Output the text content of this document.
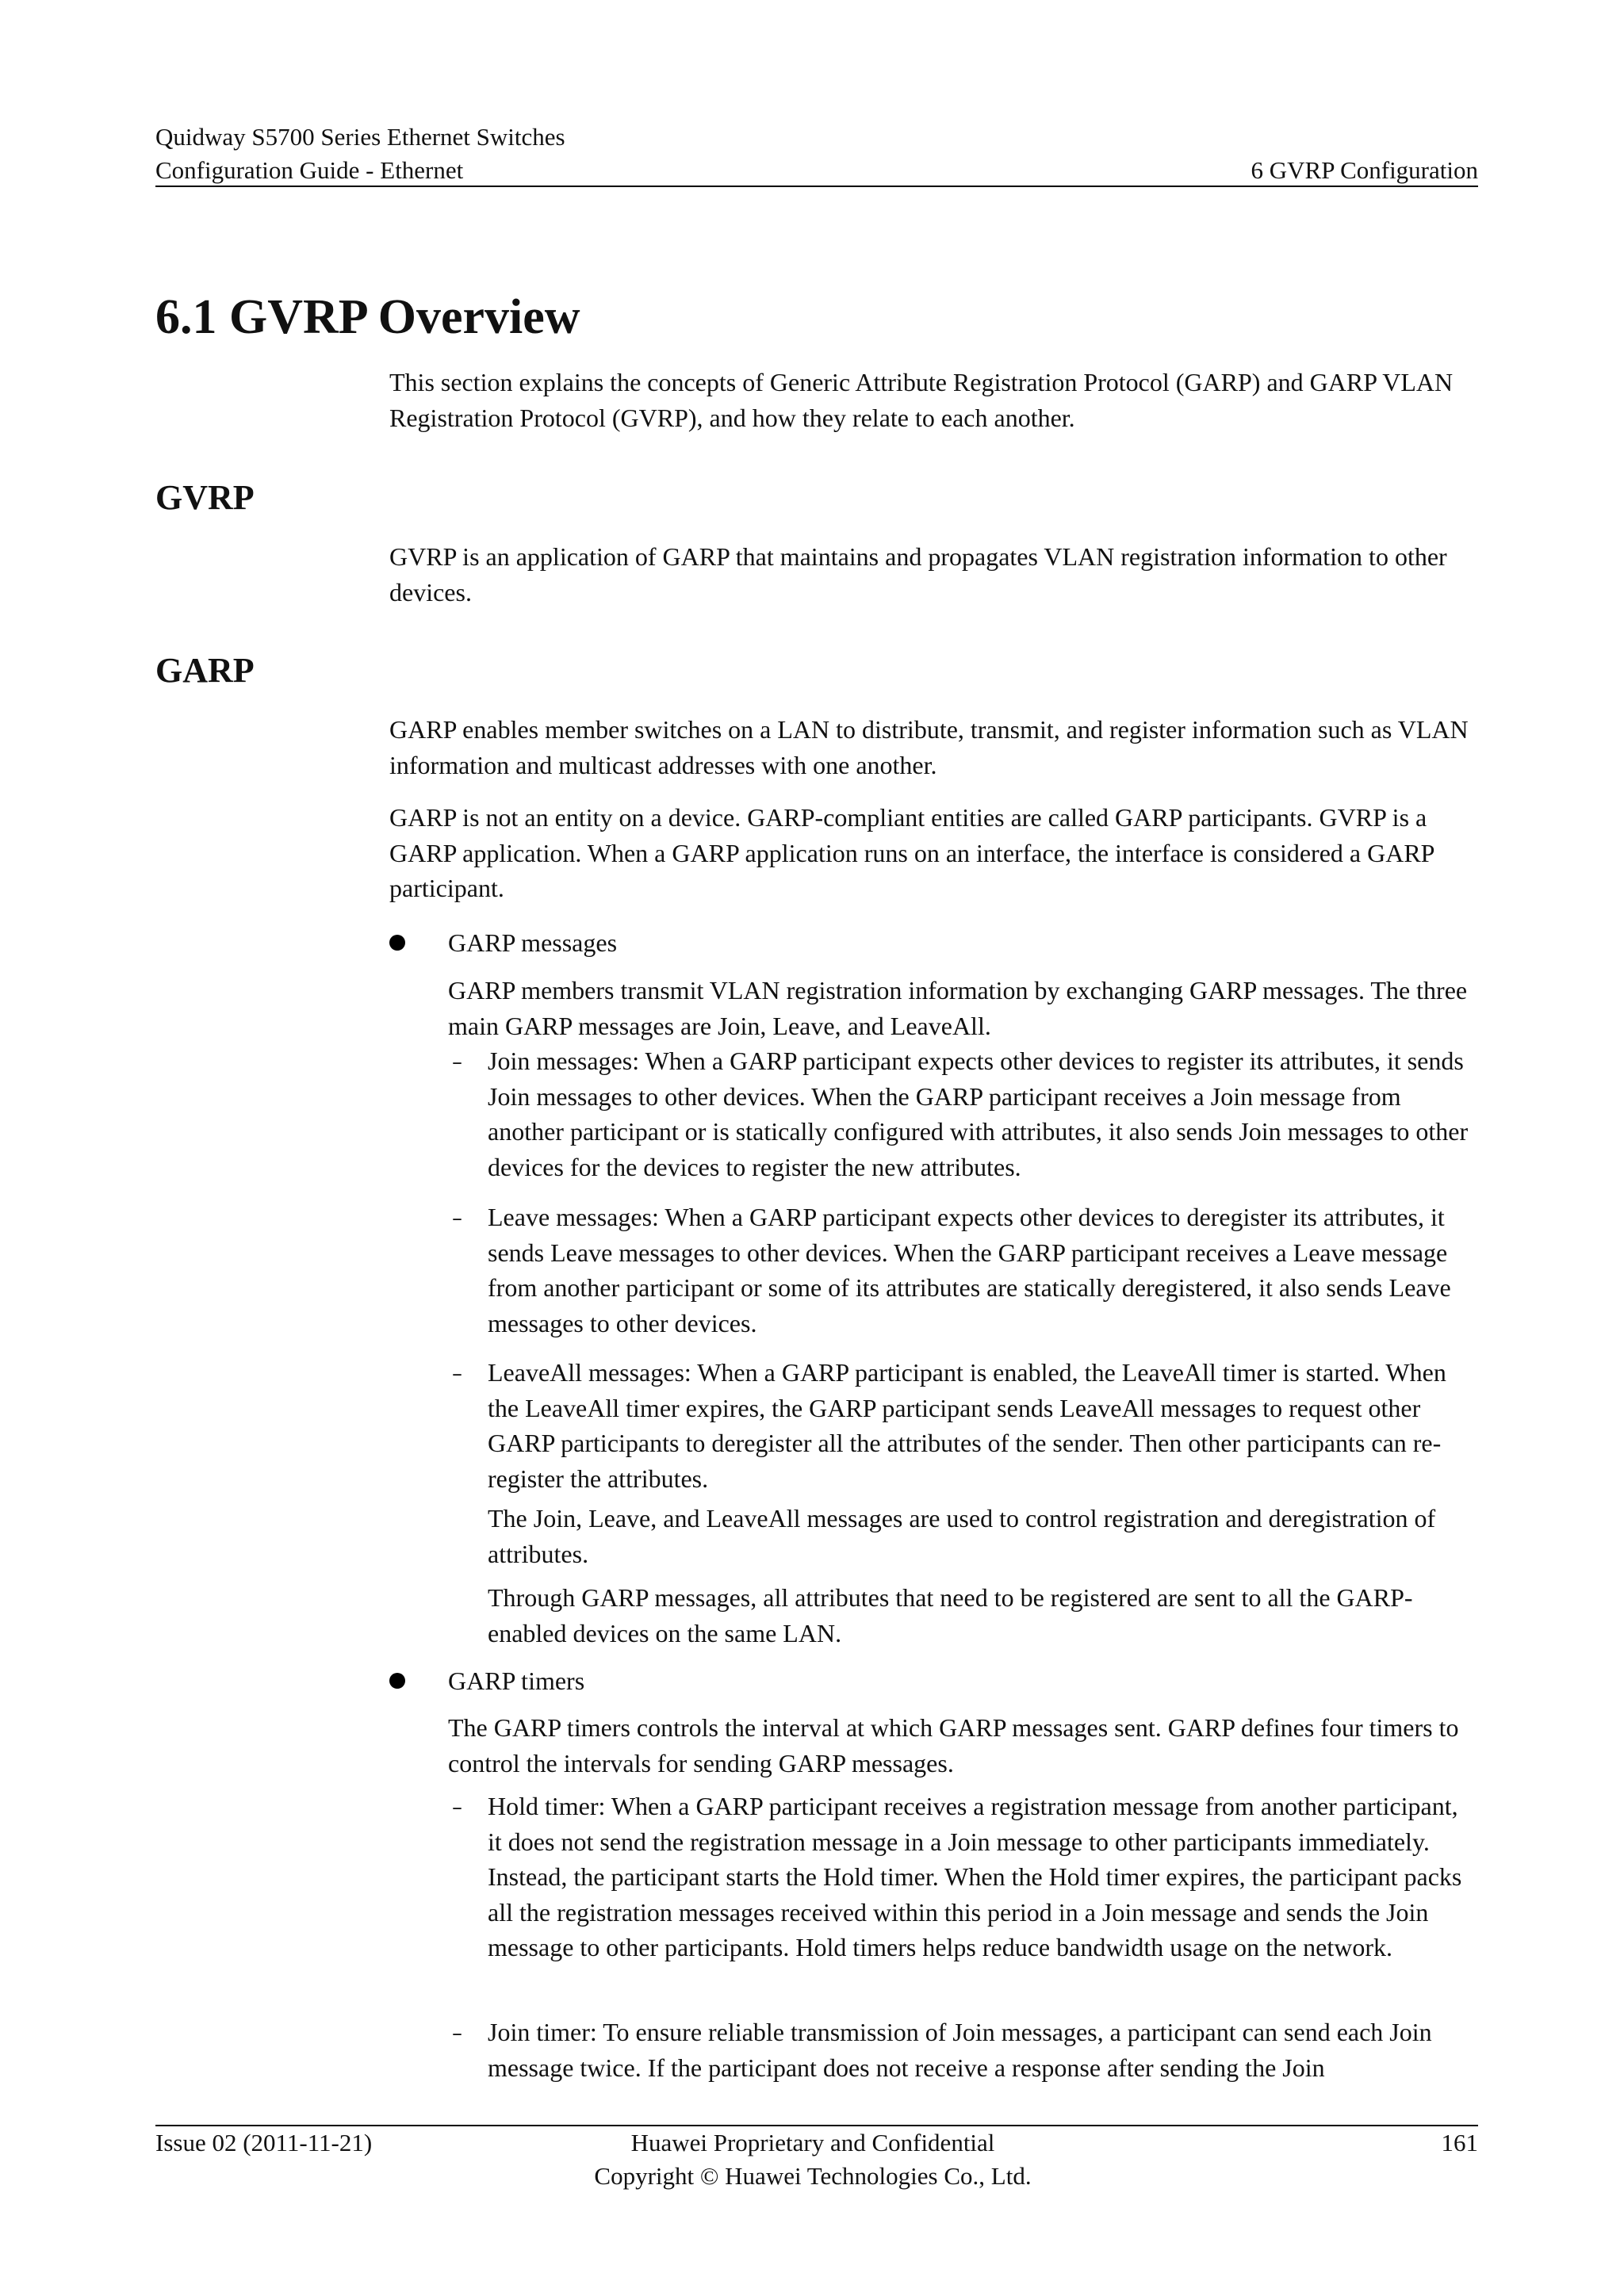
Quidway S5700 Series Ethernet Switches
Configuration Guide - Ethernet	6 GVRP Configuration
6.1 GVRP Overview

This section explains the concepts of Generic Attribute Registration Protocol (GARP) and GARP VLAN Registration Protocol (GVRP), and how they relate to each another.

GVRP

GVRP is an application of GARP that maintains and propagates VLAN registration information to other devices.

GARP

GARP enables member switches on a LAN to distribute, transmit, and register information such as VLAN information and multicast addresses with one another.

GARP is not an entity on a device. GARP-compliant entities are called GARP participants. GVRP is a GARP application. When a GARP application runs on an interface, the interface is considered a GARP participant.

GARP messages

GARP members transmit VLAN registration information by exchanging GARP messages. The three main GARP messages are Join, Leave, and LeaveAll.

– Join messages: When a GARP participant expects other devices to register its attributes, it sends Join messages to other devices. When the GARP participant receives a Join message from another participant or is statically configured with attributes, it also sends Join messages to other devices for the devices to register the new attributes.

– Leave messages: When a GARP participant expects other devices to deregister its attributes, it sends Leave messages to other devices. When the GARP participant receives a Leave message from another participant or some of its attributes are statically deregistered, it also sends Leave messages to other devices.

– LeaveAll messages: When a GARP participant is enabled, the LeaveAll timer is started. When the LeaveAll timer expires, the GARP participant sends LeaveAll messages to request other GARP participants to deregister all the attributes of the sender. Then other participants can re-register the attributes.

The Join, Leave, and LeaveAll messages are used to control registration and deregistration of attributes.

Through GARP messages, all attributes that need to be registered are sent to all the GARP-enabled devices on the same LAN.

GARP timers

The GARP timers controls the interval at which GARP messages sent. GARP defines four timers to control the intervals for sending GARP messages.

– Hold timer: When a GARP participant receives a registration message from another participant, it does not send the registration message in a Join message to other participants immediately. Instead, the participant starts the Hold timer. When the Hold timer expires, the participant packs all the registration messages received within this period in a Join message and sends the Join message to other participants. Hold timers helps reduce bandwidth usage on the network.

– Join timer: To ensure reliable transmission of Join messages, a participant can send each Join message twice. If the participant does not receive a response after sending the Join

Issue 02 (2011-11-21)	Huawei Proprietary and Confidential
Copyright © Huawei Technologies Co., Ltd.
161
